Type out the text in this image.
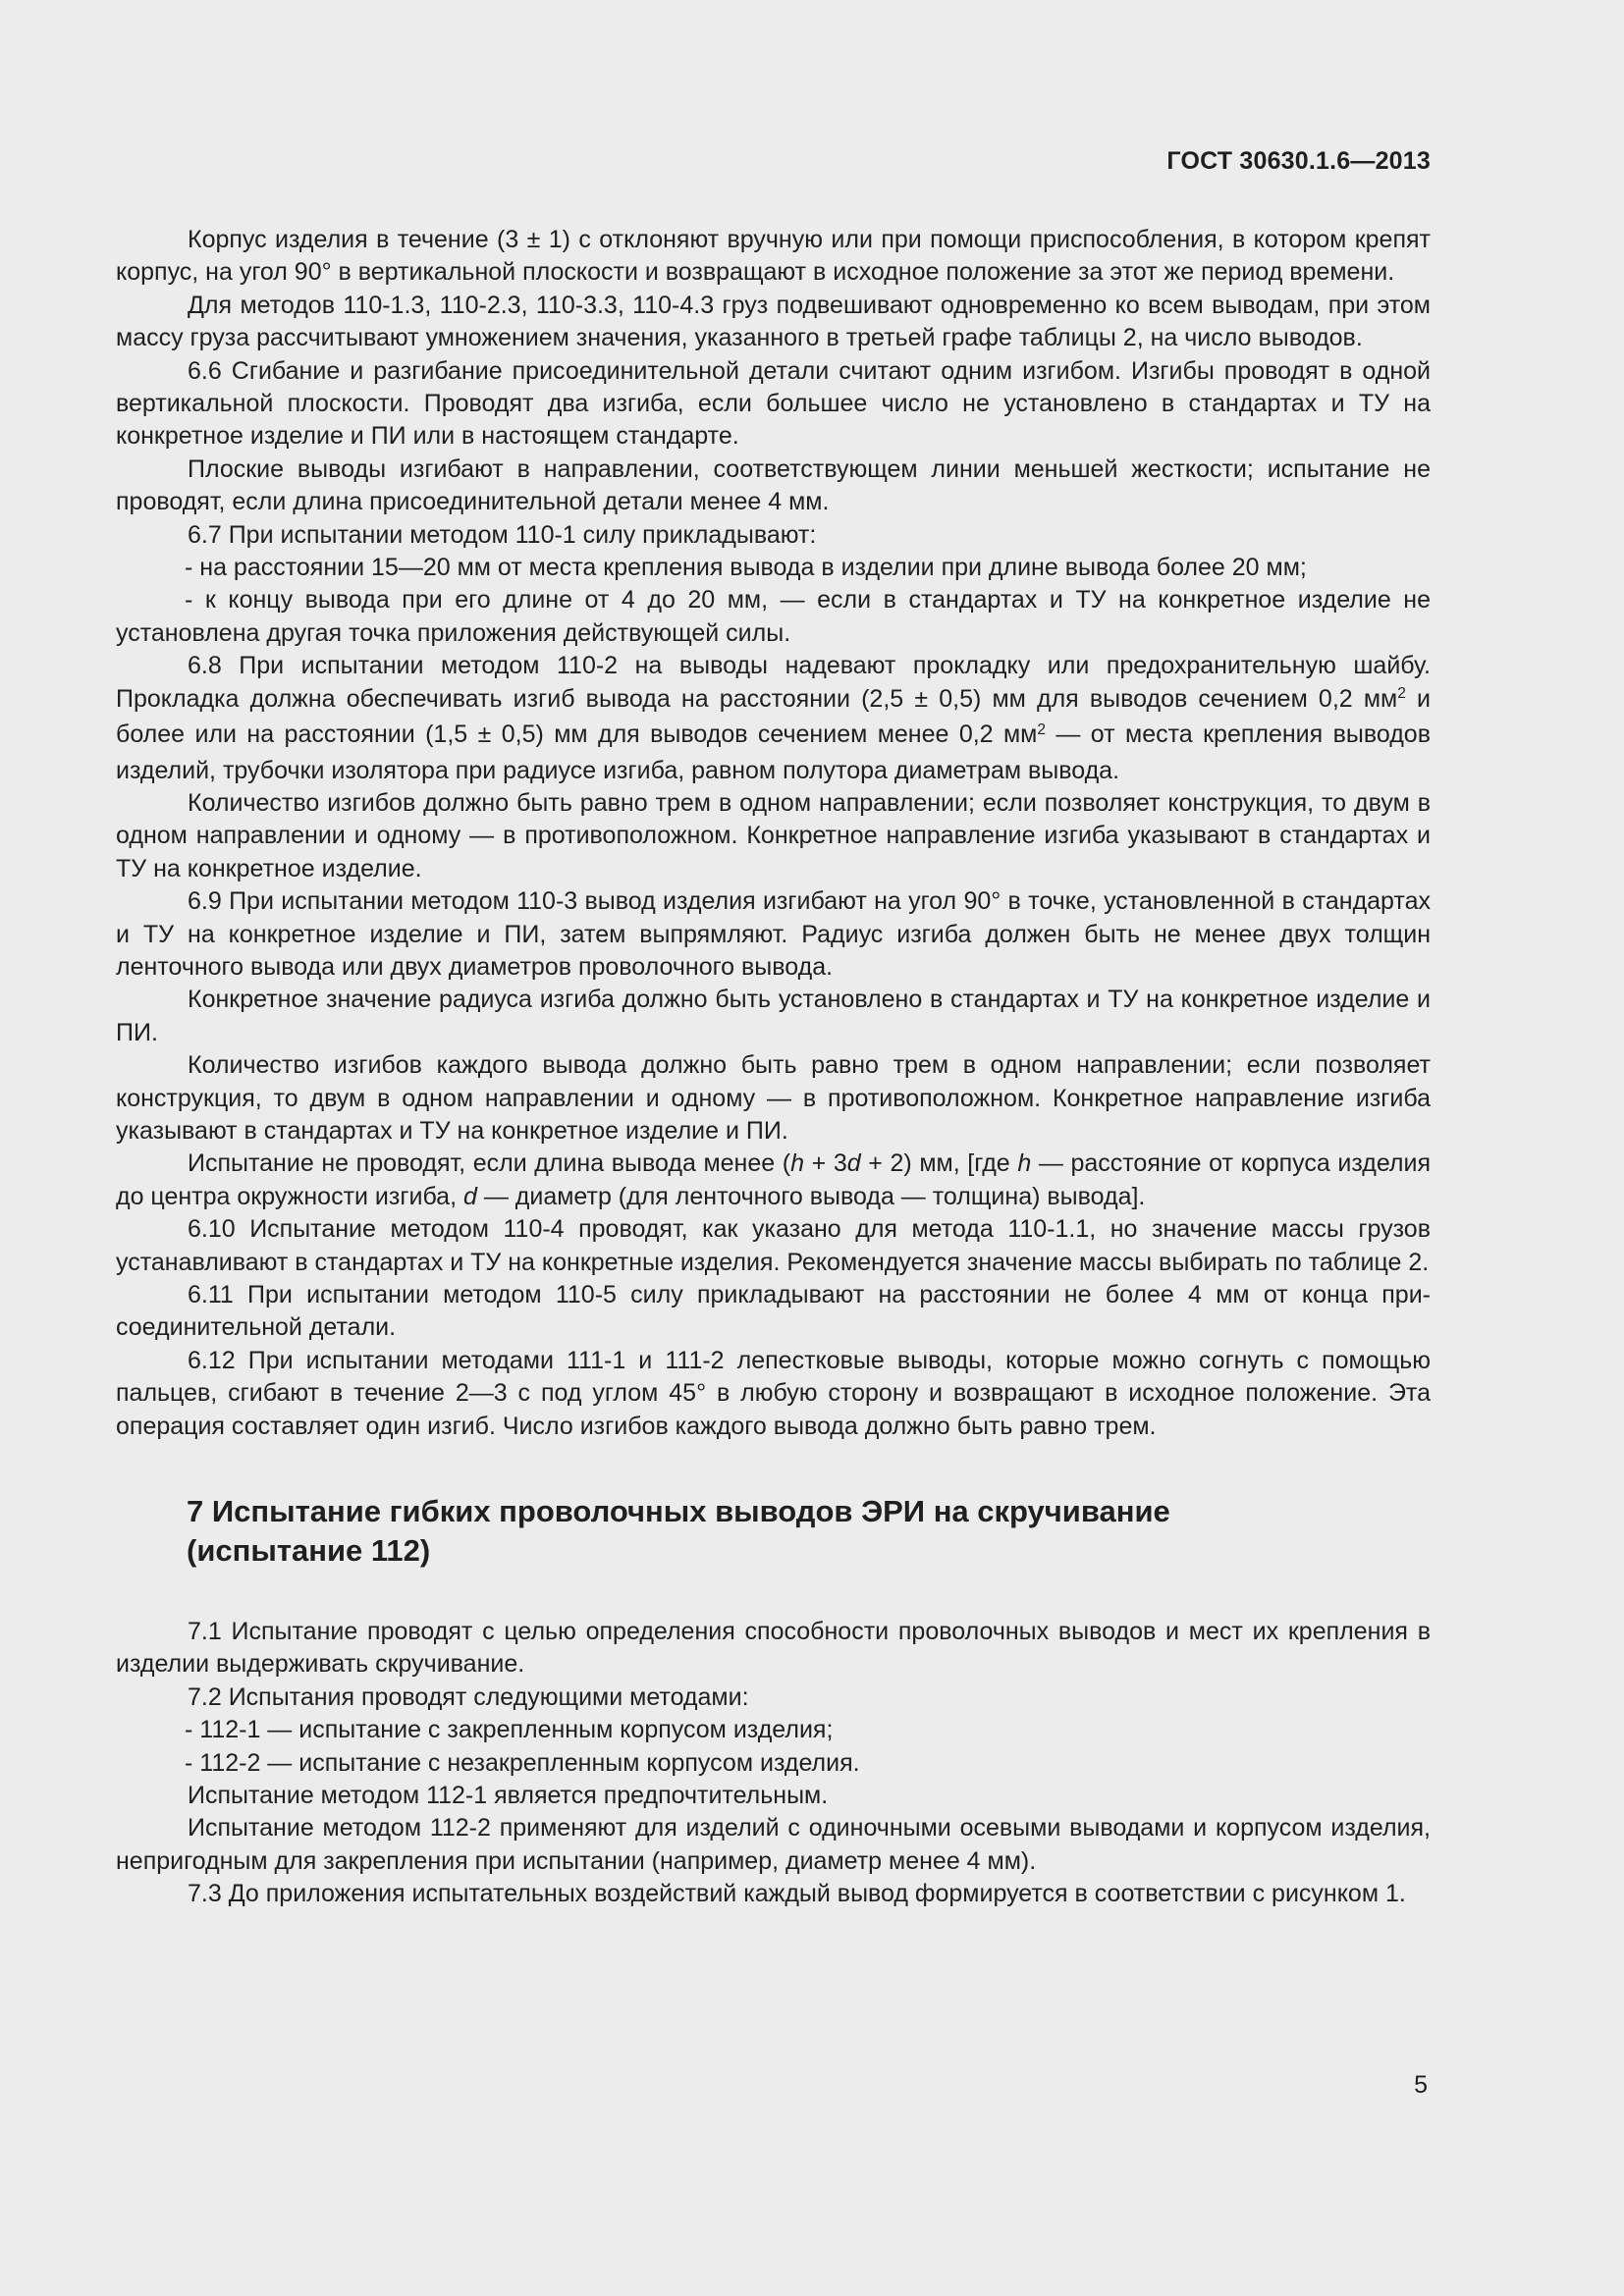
ГОСТ 30630.1.6—2013

Корпус изделия в течение (3 ± 1) с отклоняют вручную или при помощи приспособления, в котором крепят корпус, на угол 90° в вертикальной плоскости и возвращают в исходное положение за этот же период времени.

Для методов 110-1.3, 110-2.3, 110-3.3, 110-4.3 груз подвешивают одновременно ко всем выводам, при этом массу груза рассчитывают умножением значения, указанного в третьей графе таблицы 2, на число выводов.

6.6 Сгибание и разгибание присоединительной детали считают одним изгибом. Изгибы проводят в одной вертикальной плоскости. Проводят два изгиба, если большее число не установлено в стандартах и ТУ на конкретное изделие и ПИ или в настоящем стандарте.

Плоские выводы изгибают в направлении, соответствующем линии меньшей жесткости; испытание не проводят, если длина присоединительной детали менее 4 мм.

6.7 При испытании методом 110-1 силу прикладывают:

- на расстоянии 15—20 мм от места крепления вывода в изделии при длине вывода более 20 мм;

- к концу вывода при его длине от 4 до 20 мм, — если в стандартах и ТУ на конкретное изделие не установлена другая точка приложения действующей силы.

6.8 При испытании методом 110-2 на выводы надевают прокладку или предохранительную шайбу. Прокладка должна обеспечивать изгиб вывода на расстоянии (2,5 ± 0,5) мм для выводов сечением 0,2 $мм^2$ и более или на расстоянии (1,5 ± 0,5) мм для выводов сечением менее 0,2 $мм^2$ — от места крепления выводов изделий, трубочки изолятора при радиусе изгиба, равном полутора диаметрам вывода.

Количество изгибов должно быть равно трем в одном направлении; если позволяет конструкция, то двум в одном направлении и одному — в противоположном. Конкретное направление изгиба указывают в стандартах и ТУ на конкретное изделие.

6.9 При испытании методом 110-3 вывод изделия изгибают на угол 90° в точке, установленной в стандартах и ТУ на конкретное изделие и ПИ, затем выпрямляют. Радиус изгиба должен быть не менее двух толщин ленточного вывода или двух диаметров проволочного вывода.

Конкретное значение радиуса изгиба должно быть установлено в стандартах и ТУ на конкретное изделие и ПИ.

Количество изгибов каждого вывода должно быть равно трем в одном направлении; если позволяет конструкция, то двум в одном направлении и одному — в противоположном. Конкретное направление изгиба указывают в стандартах и ТУ на конкретное изделие и ПИ.

Испытание не проводят, если длина вывода менее (h + 3d + 2) мм, [где h — расстояние от корпуса изделия до центра окружности изгиба, d — диаметр (для ленточного вывода — толщина) вывода].

6.10 Испытание методом 110-4 проводят, как указано для метода 110-1.1, но значение массы грузов устанавливают в стандартах и ТУ на конкретные изделия. Рекомендуется значение массы выбирать по таблице 2.

6.11 При испытании методом 110-5 силу прикладывают на расстоянии не более 4 мм от конца присоединительной детали.

6.12 При испытании методами 111-1 и 111-2 лепестковые выводы, которые можно согнуть с помощью пальцев, сгибают в течение 2—3 с под углом 45° в любую сторону и возвращают в исходное положение. Эта операция составляет один изгиб. Число изгибов каждого вывода должно быть равно трем.

7 Испытание гибких проволочных выводов ЭРИ на скручивание
(испытание 112)

7.1 Испытание проводят с целью определения способности проволочных выводов и мест их крепления в изделии выдерживать скручивание.

7.2 Испытания проводят следующими методами:

- 112-1 — испытание с закрепленным корпусом изделия;

- 112-2 — испытание с незакрепленным корпусом изделия.

Испытание методом 112-1 является предпочтительным.

Испытание методом 112-2 применяют для изделий с одиночными осевыми выводами и корпусом изделия, непригодным для закрепления при испытании (например, диаметр менее 4 мм).

7.3 До приложения испытательных воздействий каждый вывод формируется в соответствии с рисунком 1.

5
